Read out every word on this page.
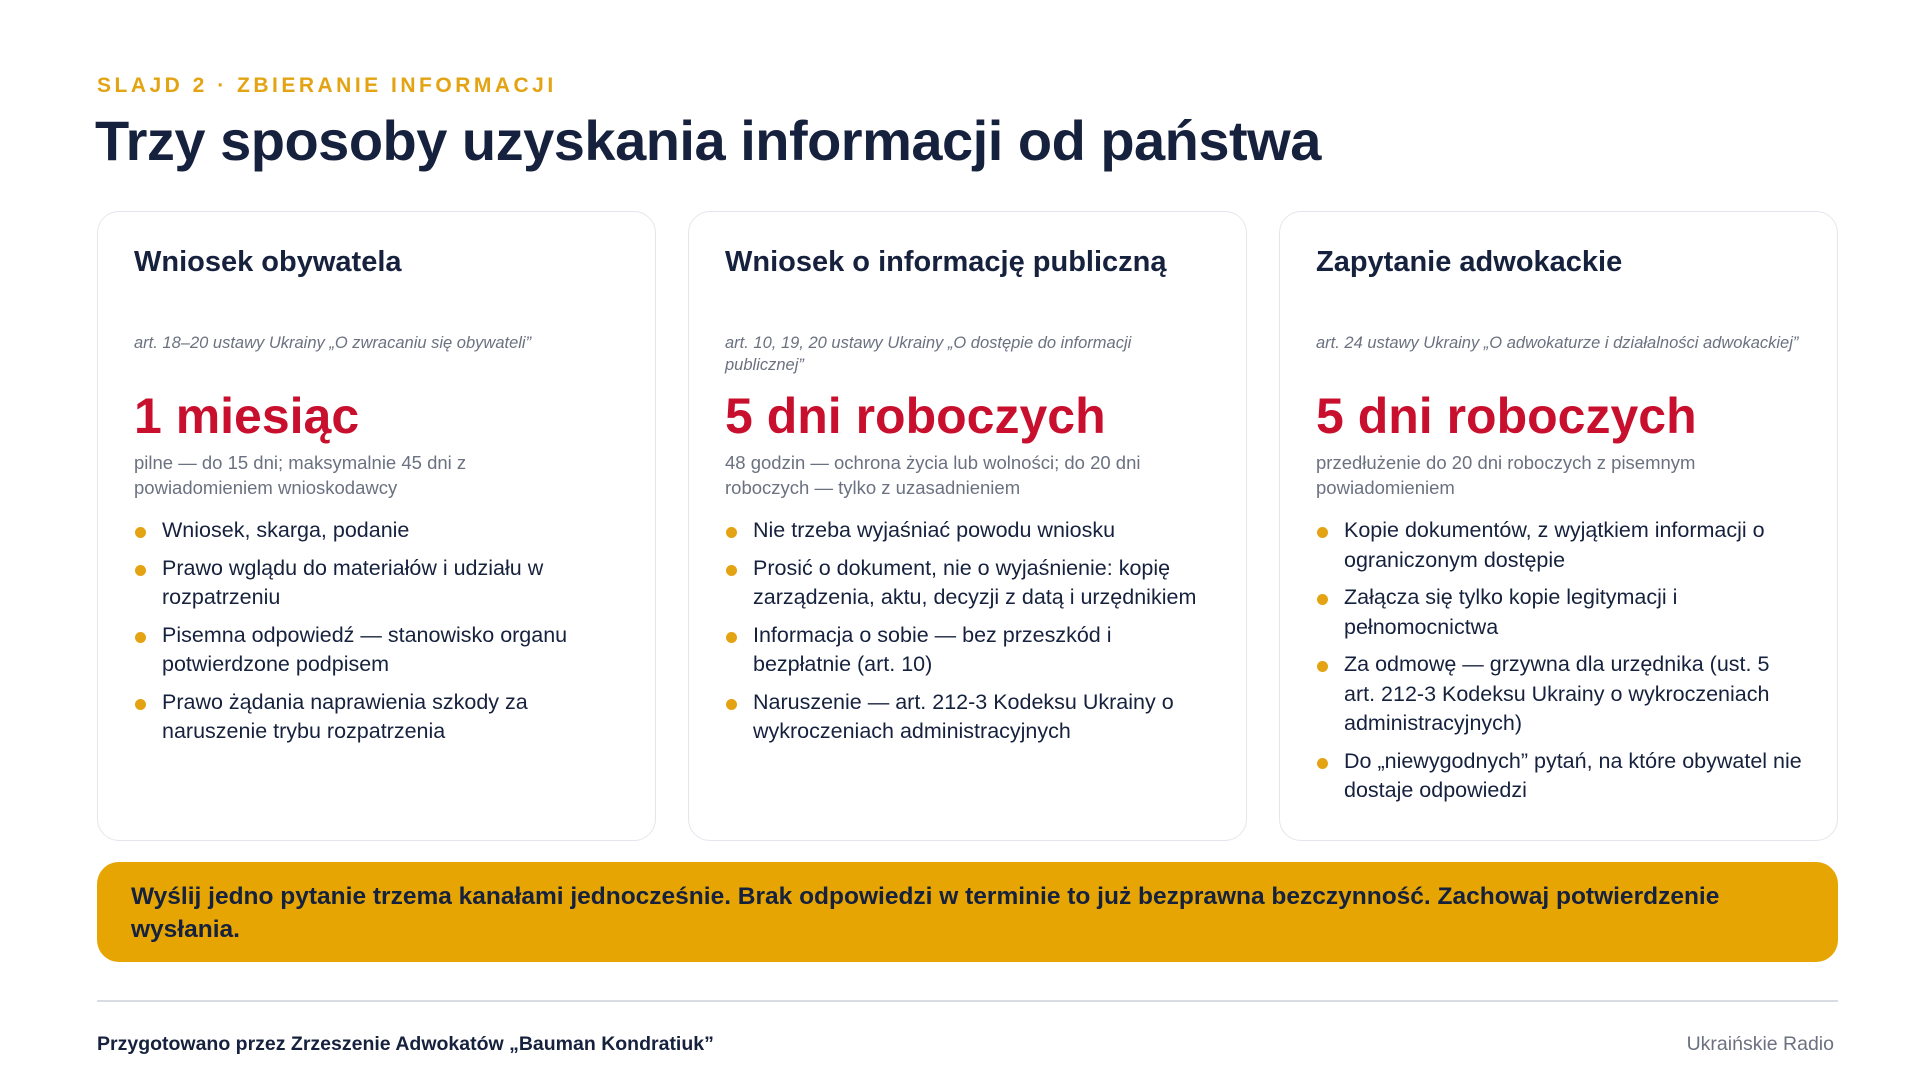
SLAJD 2 · ZBIERANIE INFORMACJI
Trzy sposoby uzyskania informacji od państwa
Wniosek obywatela
art. 18–20 ustawy Ukrainy „O zwracaniu się obywateli”
1 miesiąc
pilne — do 15 dni; maksymalnie 45 dni z powiadomieniem wnioskodawcy
Wniosek, skarga, podanie
Prawo wglądu do materiałów i udziału w rozpatrzeniu
Pisemna odpowiedź — stanowisko organu potwierdzone podpisem
Prawo żądania naprawienia szkody za naruszenie trybu rozpatrzenia
Wniosek o informację publiczną
art. 10, 19, 20 ustawy Ukrainy „O dostępie do informacji publicznej”
5 dni roboczych
48 godzin — ochrona życia lub wolności; do 20 dni roboczych — tylko z uzasadnieniem
Nie trzeba wyjaśniać powodu wniosku
Prosić o dokument, nie o wyjaśnienie: kopię zarządzenia, aktu, decyzji z datą i urzędnikiem
Informacja o sobie — bez przeszkód i bezpłatnie (art. 10)
Naruszenie — art. 212-3 Kodeksu Ukrainy o wykroczeniach administracyjnych
Zapytanie adwokackie
art. 24 ustawy Ukrainy „O adwokaturze i działalności adwokackiej”
5 dni roboczych
przedłużenie do 20 dni roboczych z pisemnym powiadomieniem
Kopie dokumentów, z wyjątkiem informacji o ograniczonym dostępie
Załącza się tylko kopie legitymacji i pełnomocnictwa
Za odmowę — grzywna dla urzędnika (ust. 5 art. 212-3 Kodeksu Ukrainy o wykroczeniach administracyjnych)
Do „niewygodnych” pytań, na które obywatel nie dostaje odpowiedzi
Wyślij jedno pytanie trzema kanałami jednocześnie. Brak odpowiedzi w terminie to już bezprawna bezczynność. Zachowaj potwierdzenie wysłania.
Przygotowano przez Zrzeszenie Adwokatów „Bauman Kondratiuk”	Ukraińskie Radio
